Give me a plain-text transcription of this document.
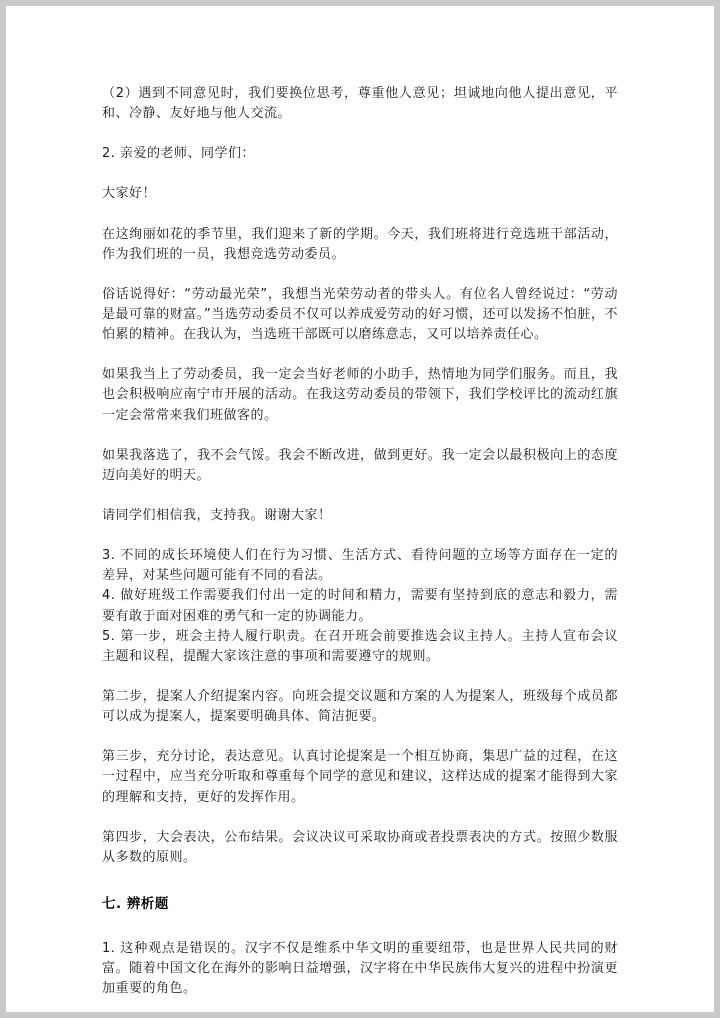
（2）遇到不同意见时，我们要换位思考，尊重他人意见；坦诚地向他人提出意见，平和、冷静、友好地与他人交流。

2. 亲爱的老师、同学们：

大家好！

在这绚丽如花的季节里，我们迎来了新的学期。今天，我们班将进行竞选班干部活动，作为我们班的一员，我想竞选劳动委员。

俗话说得好：“劳动最光荣”，我想当光荣劳动者的带头人。有位名人曾经说过：“劳动是最可靠的财富。”当选劳动委员不仅可以养成爱劳动的好习惯，还可以发扬不怕脏，不怕累的精神。在我认为，当选班干部既可以磨练意志，又可以培养责任心。

如果我当上了劳动委员，我一定会当好老师的小助手，热情地为同学们服务。而且，我也会积极响应南宁市开展的活动。在我这劳动委员的带领下，我们学校评比的流动红旗一定会常常来我们班做客的。

如果我落选了，我不会气馁。我会不断改进，做到更好。我一定会以最积极向上的态度迈向美好的明天。

请同学们相信我，支持我。谢谢大家！

3. 不同的成长环境使人们在行为习惯、生活方式、看待问题的立场等方面存在一定的差异，对某些问题可能有不同的看法。

4. 做好班级工作需要我们付出一定的时间和精力，需要有坚持到底的意志和毅力，需要有敢于面对困难的勇气和一定的协调能力。

5. 第一步，班会主持人履行职责。在召开班会前要推选会议主持人。主持人宣布会议主题和议程，提醒大家该注意的事项和需要遵守的规则。

第二步，提案人介绍提案内容。向班会提交议题和方案的人为提案人，班级每个成员都可以成为提案人，提案要明确具体、简洁扼要。

第三步，充分讨论，表达意见。认真讨论提案是一个相互协商，集思广益的过程，在这一过程中，应当充分听取和尊重每个同学的意见和建议，这样达成的提案才能得到大家的理解和支持，更好的发挥作用。

第四步，大会表决，公布结果。会议决议可采取协商或者投票表决的方式。按照少数服从多数的原则。

七. 辨析题

1. 这种观点是错误的。汉字不仅是维系中华文明的重要纽带，也是世界人民共同的财富。随着中国文化在海外的影响日益增强，汉字将在中华民族伟大复兴的进程中扮演更加重要的角色。
